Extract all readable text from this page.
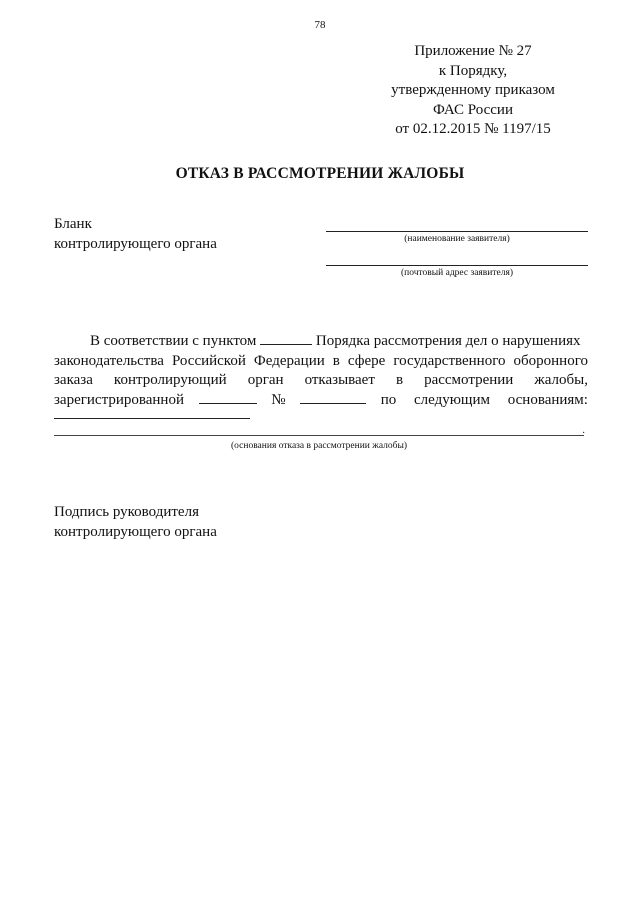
78
Приложение № 27
к Порядку,
утвержденному приказом
ФАС России
от 02.12.2015 № 1197/15
ОТКАЗ В РАССМОТРЕНИИ ЖАЛОБЫ
Бланк
контролирующего органа	(наименование заявителя)
(почтовый адрес заявителя)

В соответствии с пунктом	Порядка рассмотрения дел о нарушениях

законодательства Российской Федерации в сфере государственного оборонного

заказа контролирующий орган отказывает в рассмотрении жалобы,
зарегистрированной	№	по следующим основаниям:
·
(основания отказа в рассмотрении жалобы)
Подпись руководителя
контролирующего органа
